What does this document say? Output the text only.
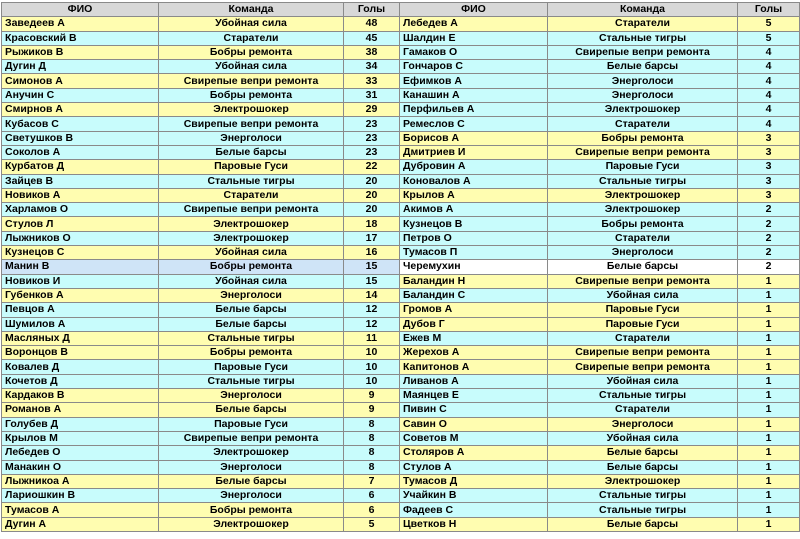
ФИО	Команда	Голы	ФИО	Команда	Голы
Заведеев А	Убойная сила	48	Лебедев А	Старатели	5
Красовский В	Старатели	45	Шалдин Е	Стальные тигры	5
Рыжиков В	Бобры ремонта	38	Гамаков О	Свирепые вепри ремонта	4
Дугин Д	Убойная сила	34	Гончаров С	Белые барсы	4
Симонов А	Свирепые вепри ремонта	33	Ефимков А	Энерголоси	4
Анучин С	Бобры ремонта	31	Канашин А	Энерголоси	4
Смирнов А	Электрошокер	29	Перфильев А	Электрошокер	4
Кубасов С	Свирепые вепри ремонта	23	Ремеслов С	Старатели	4
Светушков В	Энерголоси	23	Борисов А	Бобры ремонта	3
Соколов А	Белые барсы	23	Дмитриев И	Свирепые вепри ремонта	3
Курбатов Д	Паровые Гуси	22	Дубровин А	Паровые Гуси	3
Зайцев В	Стальные тигры	20	Коновалов А	Стальные тигры	3
Новиков А	Старатели	20	Крылов А	Электрошокер	3
Харламов О	Свирепые вепри ремонта	20	Акимов А	Электрошокер	2
Стулов Л	Электрошокер	18	Кузнецов В	Бобры ремонта	2
Лыжников О	Электрошокер	17	Петров О	Старатели	2
Кузнецов С	Убойная сила	16	Тумасов П	Энерголоси	2
Манин В	Бобры ремонта	15	Черемухин	Белые барсы	2
Новиков И	Убойная сила	15	Баландин Н	Свирепые вепри ремонта	1
Губенков А	Энерголоси	14	Баландин С	Убойная сила	1
Певцов А	Белые барсы	12	Громов А	Паровые Гуси	1
Шумилов А	Белые барсы	12	Дубов Г	Паровые Гуси	1
Масляных Д	Стальные тигры	11	Ежев М	Старатели	1
Воронцов В	Бобры ремонта	10	Жерехов А	Свирепые вепри ремонта	1
Ковалев Д	Паровые Гуси	10	Капитонов А	Свирепые вепри ремонта	1
Кочетов Д	Стальные тигры	10	Ливанов А	Убойная сила	1
Кардаков В	Энерголоси	9	Маянцев Е	Стальные тигры	1
Романов А	Белые барсы	9	Пивин С	Старатели	1
Голубев Д	Паровые Гуси	8	Савин О	Энерголоси	1
Крылов М	Свирепые вепри ремонта	8	Советов М	Убойная сила	1
Лебедев О	Электрошокер	8	Столяров А	Белые барсы	1
Манакин О	Энерголоси	8	Стулов А	Белые барсы	1
Лыжникоа А	Белые барсы	7	Тумасов Д	Электрошокер	1
Лариошкин В	Энерголоси	6	Учайкин В	Стальные тигры	1
Тумасов А	Бобры ремонта	6	Фадеев С	Стальные тигры	1
Дугин А	Электрошокер	5	Цветков Н	Белые барсы	1
